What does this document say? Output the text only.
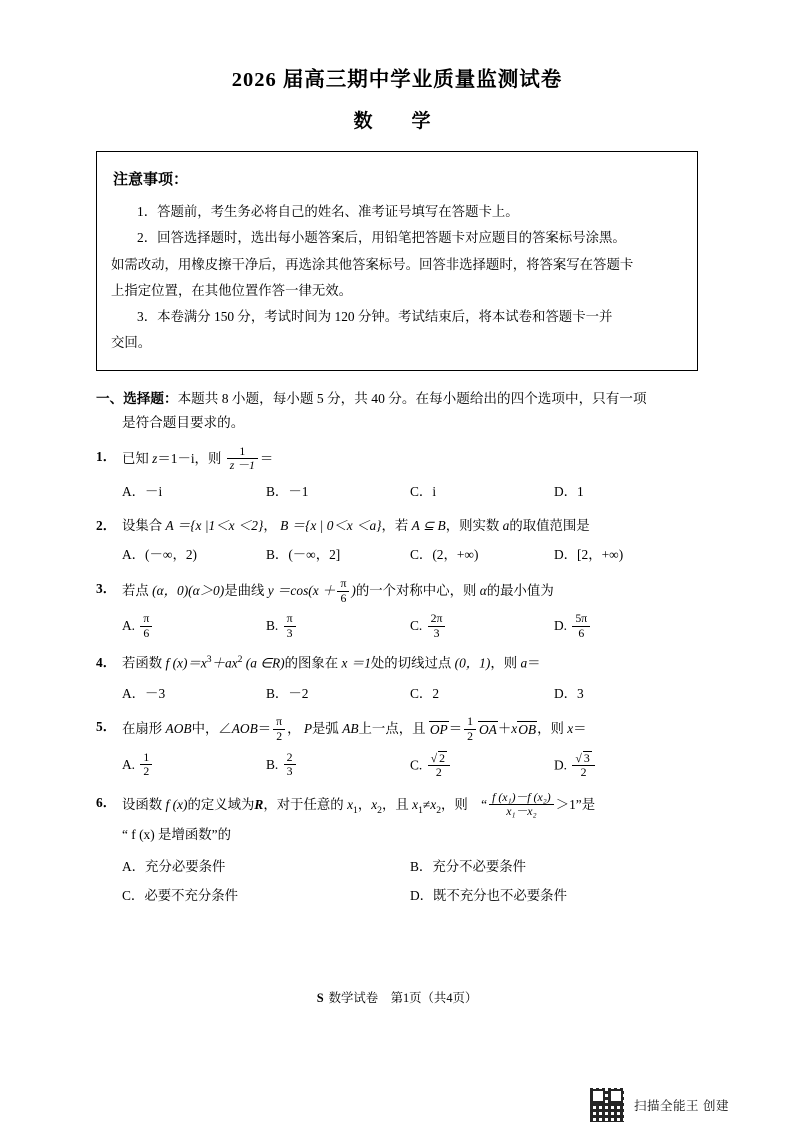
2026 届高三期中学业质量监测试卷
数　学
注意事项：
1．答题前，考生务必将自己的姓名、准考证号填写在答题卡上。
2．回答选择题时，选出每小题答案后，用铅笔把答题卡对应题目的答案标号涂黑。
如需改动，用橡皮擦干净后，再选涂其他答案标号。回答非选择题时，将答案写在答题卡
上指定位置，在其他位置作答一律无效。
3．本卷满分 150 分，考试时间为 120 分钟。考试结束后，将本试卷和答题卡一并
交回。
一、选择题：本题共 8 小题，每小题 5 分，共 40 分。在每小题给出的四个选项中，只有一项
是符合题目要求的。
1． 已知 z＝1－i，则 $\frac{1}{z -1}$ ＝
A．－i	B．－1	C．i	D．1
2． 设集合 A ＝{x |1＜x ＜2}， B ＝{x | 0＜x ＜a}，若 A ⊆ B，则实数 a的取值范围是
A．(－∞，2)	B．(－∞，2]	C．(2，+∞)	D．[2，+∞)
3． 若点 (α，0)(α＞0)是曲线 $y =\cos(x + \frac{\pi}{6}$ )的一个对称中心，则 α的最小值为
A. $\frac{\pi}{6}$	B. $\frac{\pi}{3}$	C. $\frac{2\pi}{3}$	D. $\frac{5\pi}{6}$
4． 若函数 f $(x)=x^3+ax^2$ (a ∈R)的图象在 x ＝1处的切线过点 (0，1)，则 a＝
A．－3	B．－2	C．2	D．3
5． 在扇形 AOB中，∠AOB＝ $\frac{\pi}{2}$ ， P是弧 AB上一点，且 $OP= \frac{1}{2} OA+xOB$，则 x＝
A. $\frac{1}{2}$	B. $\frac{2}{3}$	C. $\frac{√ 2}{2}$	D. $\frac{√ 3}{2}$
6． 设函数 f (x)的定义域为R，对于任意的 $x_1$，$x_2$，且 $x_1\ne x_2$，则　“ $\frac{\text{f (x₁)－f (x₂)}}{\text{x₁－x₂}} >1$”是
“ f (x) 是增函数”的
A．充分必要条件	B．充分不必要条件
C．必要不充分条件	D．既不充分也不必要条件
S 数学试卷　 第1页（共4页）
扫描全能王 创建
